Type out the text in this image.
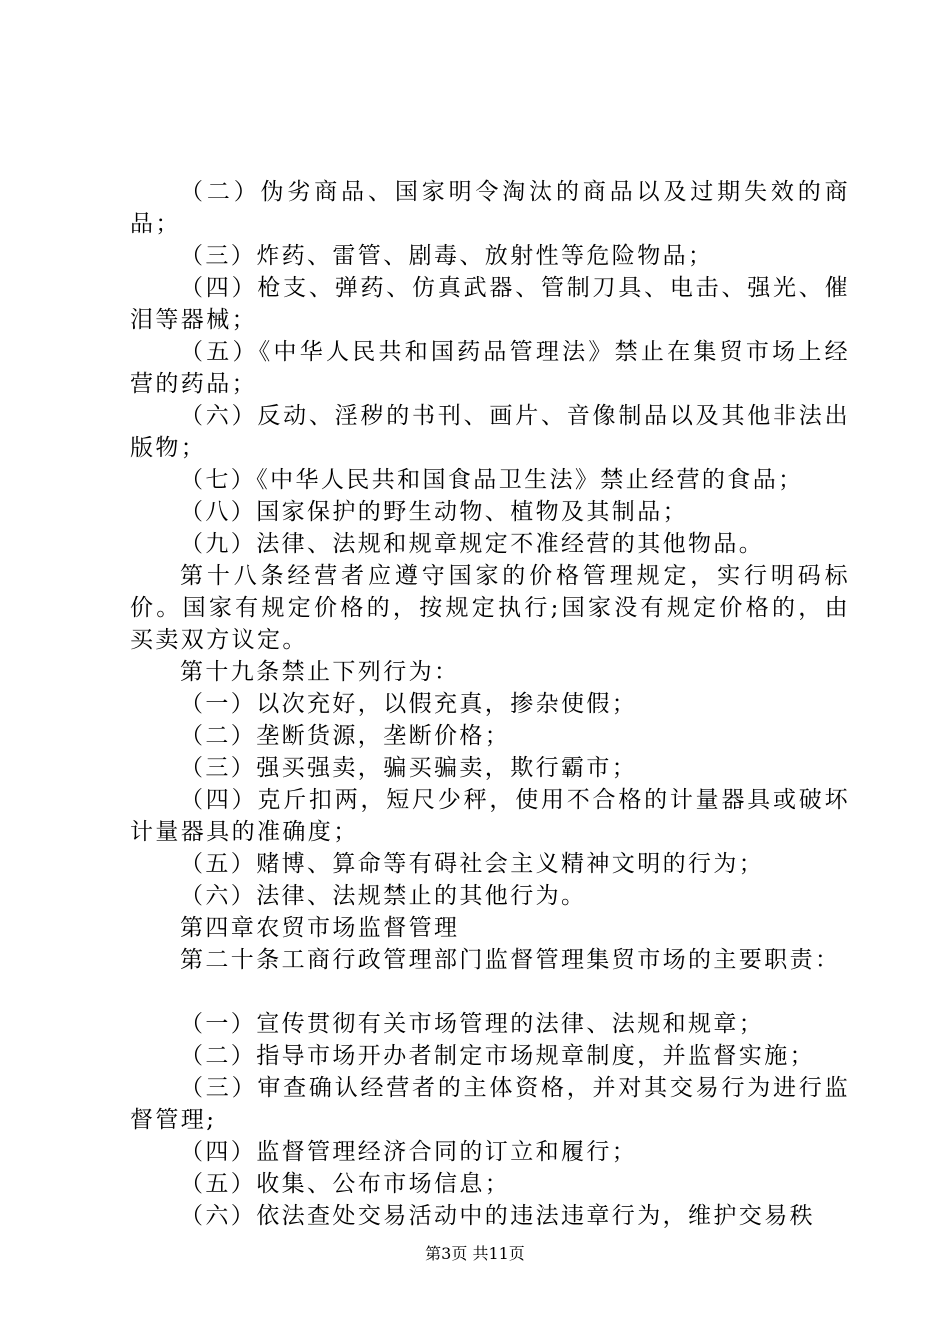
（二）伪劣商品、国家明令淘汰的商品以及过期失效的商品；

（三）炸药、雷管、剧毒、放射性等危险物品；

（四）枪支、弹药、仿真武器、管制刀具、电击、强光、催泪等器械；

（五）《中华人民共和国药品管理法》禁止在集贸市场上经营的药品；

（六）反动、淫秽的书刊、画片、音像制品以及其他非法出版物；

（七）《中华人民共和国食品卫生法》禁止经营的食品；

（八）国家保护的野生动物、植物及其制品；

（九）法律、法规和规章规定不准经营的其他物品。

第十八条经营者应遵守国家的价格管理规定，实行明码标价。国家有规定价格的，按规定执行;国家没有规定价格的，由买卖双方议定。

第十九条禁止下列行为：

（一）以次充好，以假充真，掺杂使假；

（二）垄断货源，垄断价格；

（三）强买强卖，骗买骗卖，欺行霸市；

（四）克斤扣两，短尺少秤，使用不合格的计量器具或破坏计量器具的准确度；

（五）赌博、算命等有碍社会主义精神文明的行为；

（六）法律、法规禁止的其他行为。

第四章农贸市场监督管理

第二十条工商行政管理部门监督管理集贸市场的主要职责：

（一）宣传贯彻有关市场管理的法律、法规和规章；

（二）指导市场开办者制定市场规章制度，并监督实施；

（三）审查确认经营者的主体资格，并对其交易行为进行监督管理;

（四）监督管理经济合同的订立和履行；

（五）收集、公布市场信息；

（六）依法查处交易活动中的违法违章行为，维护交易秩

第3页 共11页
